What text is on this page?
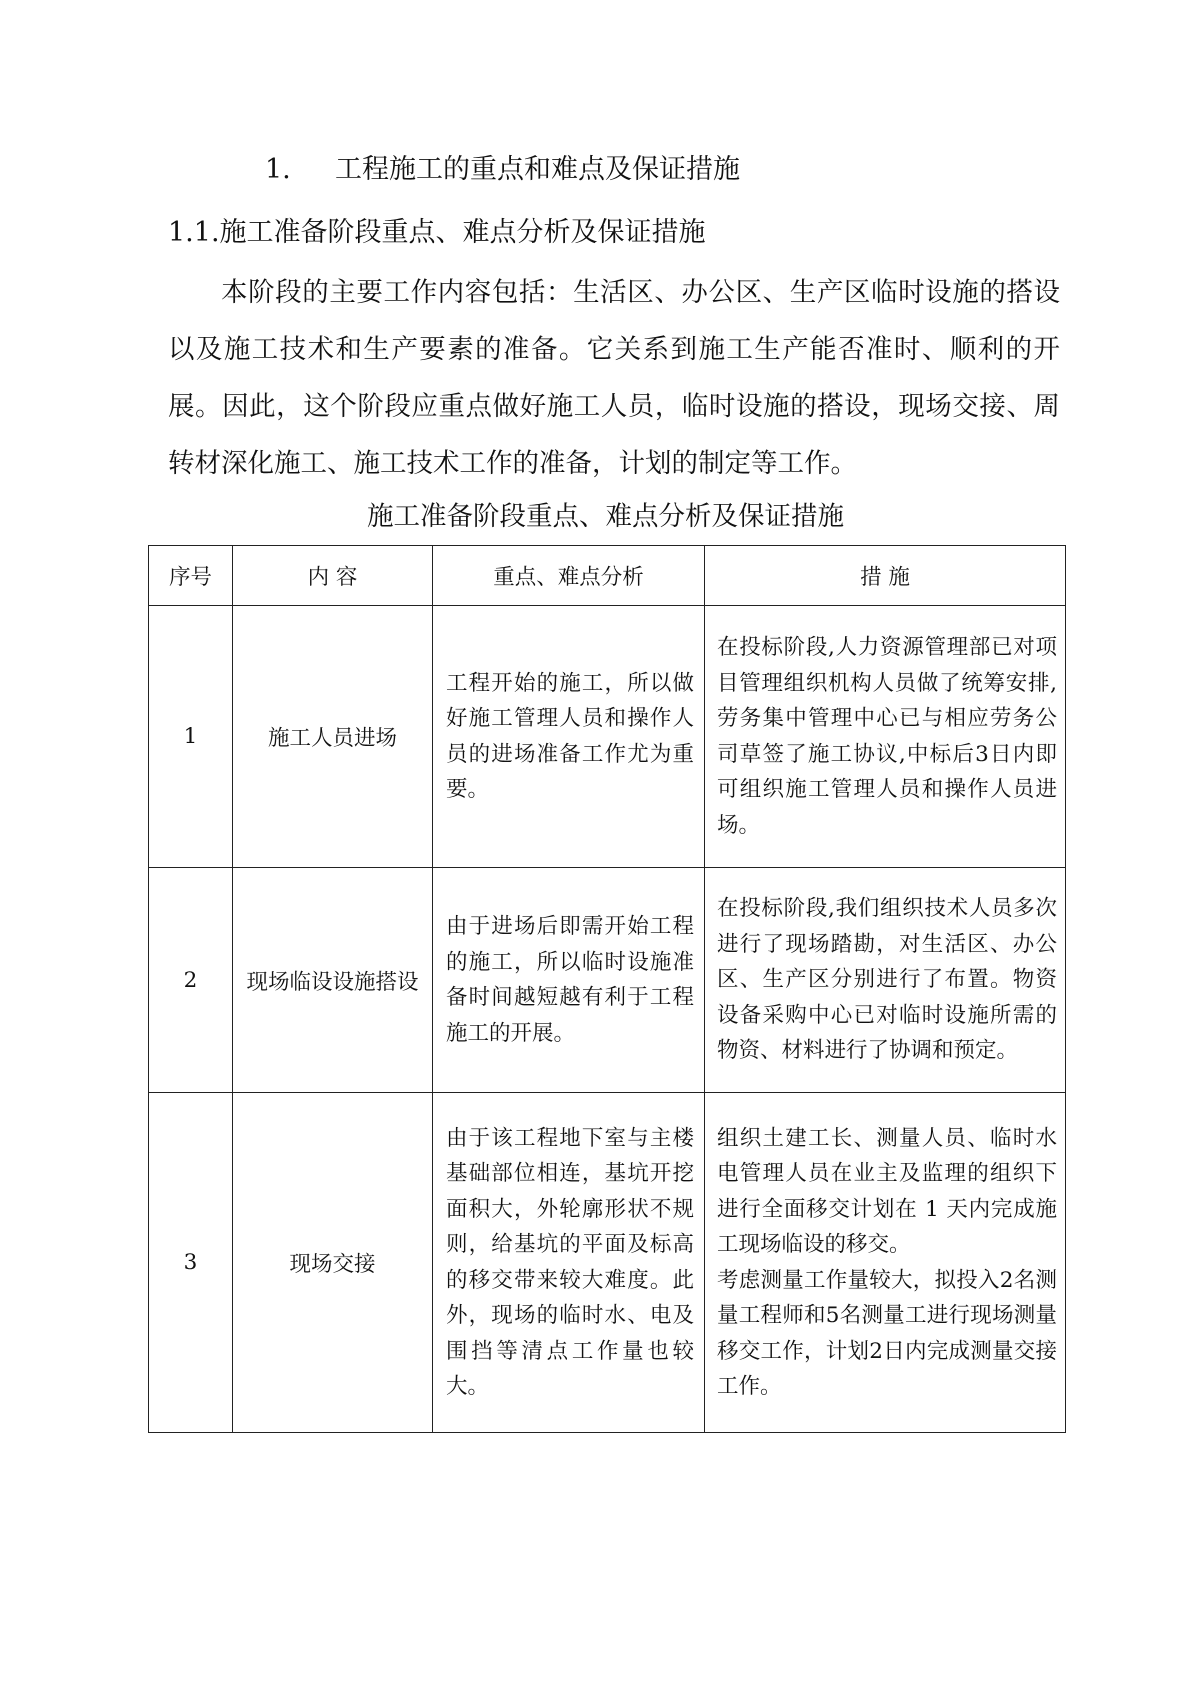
1. 工程施工的重点和难点及保证措施
1.1.施工准备阶段重点、难点分析及保证措施

本阶段的主要工作内容包括：生活区、办公区、生产区临时设施的搭设以及施工技术和生产要素的准备。它关系到施工生产能否准时、顺利的开展。因此，这个阶段应重点做好施工人员，临时设施的搭设，现场交接、周转材深化施工、施工技术工作的准备，计划的制定等工作。

施工准备阶段重点、难点分析及保证措施
序号	内 容	重点、难点分析	措 施
1	施工人员进场	工程开始的施工，所以做好施工管理人员和操作人员的进场准备工作尤为重要。	在投标阶段,人力资源管理部已对项目管理组织机构人员做了统筹安排,劳务集中管理中心已与相应劳务公司草签了施工协议,中标后3日内即可组织施工管理人员和操作人员进场。

2	现场临设设施搭设	由于进场后即需开始工程的施工，所以临时设施准备时间越短越有利于工程施工的开展。	在投标阶段,我们组织技术人员多次进行了现场踏勘，对生活区、办公区、生产区分别进行了布置。物资设备采购中心已对临时设施所需的物资、材料进行了协调和预定。

3	现场交接	由于该工程地下室与主楼基础部位相连，基坑开挖面积大，外轮廓形状不规则，给基坑的平面及标高的移交带来较大难度。此外，现场的临时水、电及围挡等清点工作量也较大。	组织土建工长、测量人员、临时水电管理人员在业主及监理的组织下进行全面移交计划在 1 天内完成施工现场临设的移交。
考虑测量工作量较大，拟投入2名测量工程师和5名测量工进行现场测量移交工作，计划2日内完成测量交接工作。
